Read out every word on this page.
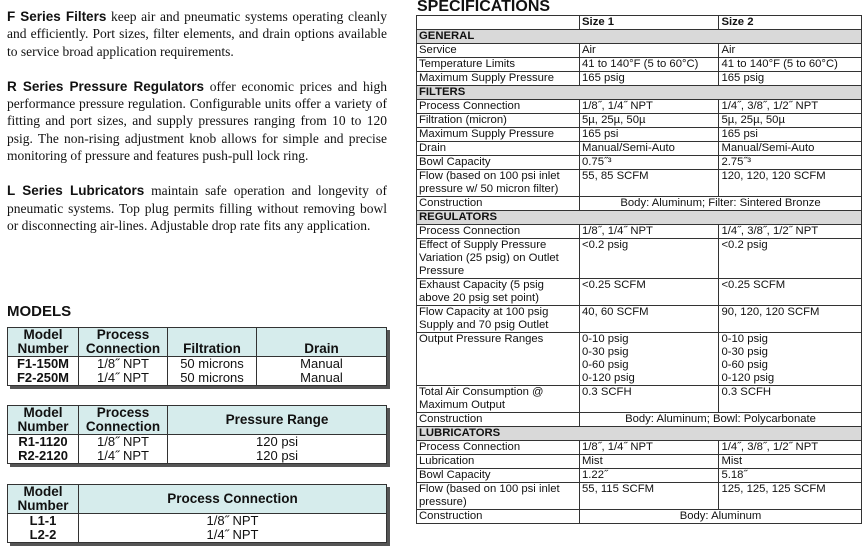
F Series Filters keep air and pneumatic systems operating cleanly and efficiently. Port sizes, filter elements, and drain options available to service broad application requirements.

R Series Pressure Regulators offer economic prices and high performance pressure regulation. Configurable units offer a variety of fitting and port sizes, and supply pressures ranging from 10 to 120 psig. The non-rising adjustment knob allows for simple and precise monitoring of pressure and features push-pull lock ring.

L Series Lubricators maintain safe operation and longevity of pneumatic systems. Top plug permits filling without removing bowl or disconnecting air-lines. Adjustable drop rate fits any application.

MODELS
Model Number	Process Connection	Filtration	Drain
F1-150M	1/8˝ NPT	50 microns	Manual
F2-250M	1/4˝ NPT	50 microns	Manual
Model Number	Process Connection	Pressure Range
R1-1120	1/8˝ NPT	120 psi
R2-2120	1/4˝ NPT	120 psi
Model Number	Process Connection
L1-1	1/8˝ NPT
L2-2	1/4˝ NPT
SPECIFICATIONS
	Size 1	Size 2
GENERAL		
Service	Air	Air
Temperature Limits	41 to 140°F (5 to 60°C)	41 to 140°F (5 to 60°C)
Maximum Supply Pressure	165 psig	165 psig
FILTERS		
Process Connection	1/8˝, 1/4˝ NPT	1/4˝, 3/8˝, 1/2˝ NPT
Filtration (micron)	5µ, 25µ, 50µ	5µ, 25µ, 50µ
Maximum Supply Pressure	165 psi	165 psi
Drain	Manual/Semi-Auto	Manual/Semi-Auto
Bowl Capacity	0.75˝³	2.75˝³
Flow (based on 100 psi inlet pressure w/ 50 micron filter)	55, 85 SCFM	120, 120, 120 SCFM
Construction	Body: Aluminum; Filter: Sintered Bronze	
REGULATORS		
Process Connection	1/8˝, 1/4˝ NPT	1/4˝, 3/8˝, 1/2˝ NPT
Effect of Supply Pressure Variation (25 psig) on Outlet Pressure	<0.2 psig	<0.2 psig
Exhaust Capacity (5 psig above 20 psig set point)	<0.25 SCFM	<0.25 SCFM
Flow Capacity at 100 psig Supply and 70 psig Outlet	40, 60 SCFM	90, 120, 120 SCFM
Output Pressure Ranges	0-10 psig
0-30 psig
0-60 psig
0-120 psig	0-10 psig
0-30 psig
0-60 psig
0-120 psig
Total Air Consumption @ Maximum Output	0.3 SCFH	0.3 SCFH
Construction	Body: Aluminum; Bowl: Polycarbonate	
LUBRICATORS		
Process Connection	1/8˝, 1/4˝ NPT	1/4˝, 3/8˝, 1/2˝ NPT
Lubrication	Mist	Mist
Bowl Capacity	1.22˝	5.18˝
Flow (based on 100 psi inlet pressure)	55, 115 SCFM	125, 125, 125 SCFM
Construction	Body: Aluminum	
